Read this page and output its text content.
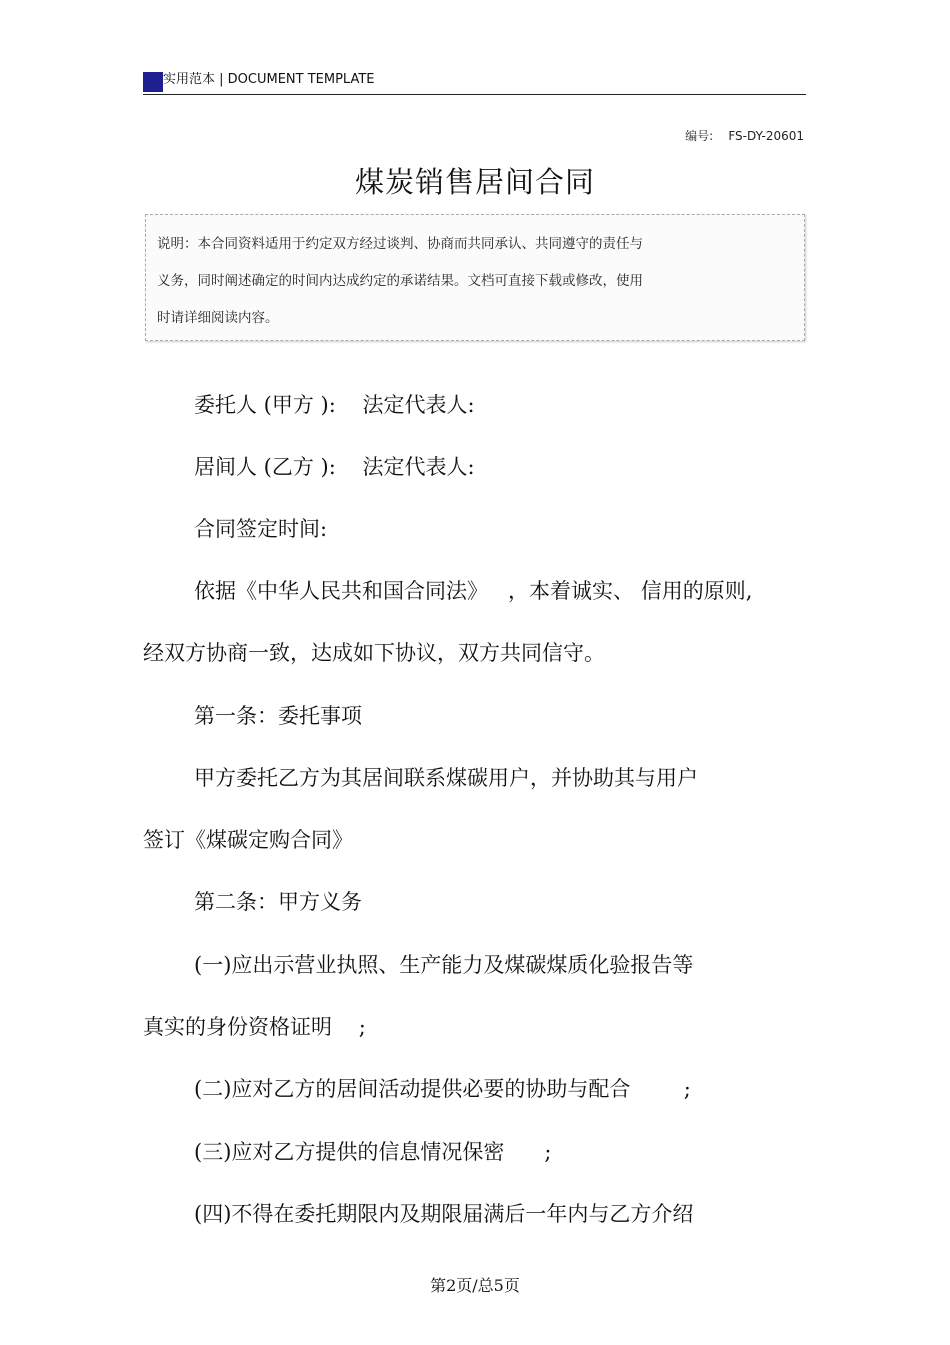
实用范本 | DOCUMENT TEMPLATE
编号:    FS-DY-20601
煤炭销售居间合同
说明：本合同资料适用于约定双方经过谈判、协商而共同承认、共同遵守的责任与
义务，同时阐述确定的时间内达成约定的承诺结果。文档可直接下载或修改，使用
时请详细阅读内容。
委托人 (甲方 ):    法定代表人:
居间人 (乙方 ):    法定代表人:
合同签定时间:
依据《中华人民共和国合同法》   ，本着诚实、 信用的原则,
经双方协商一致，达成如下协议，双方共同信守。
第一条：委托事项
甲方委托乙方为其居间联系煤碳用户，并协助其与用户
签订《煤碳定购合同》
第二条：甲方义务
(一)应出示营业执照、生产能力及煤碳煤质化验报告等
真实的身份资格证明    ;
(二)应对乙方的居间活动提供必要的协助与配合        ;
(三)应对乙方提供的信息情况保密      ;
(四)不得在委托期限内及期限届满后一年内与乙方介绍
第2页/总5页
